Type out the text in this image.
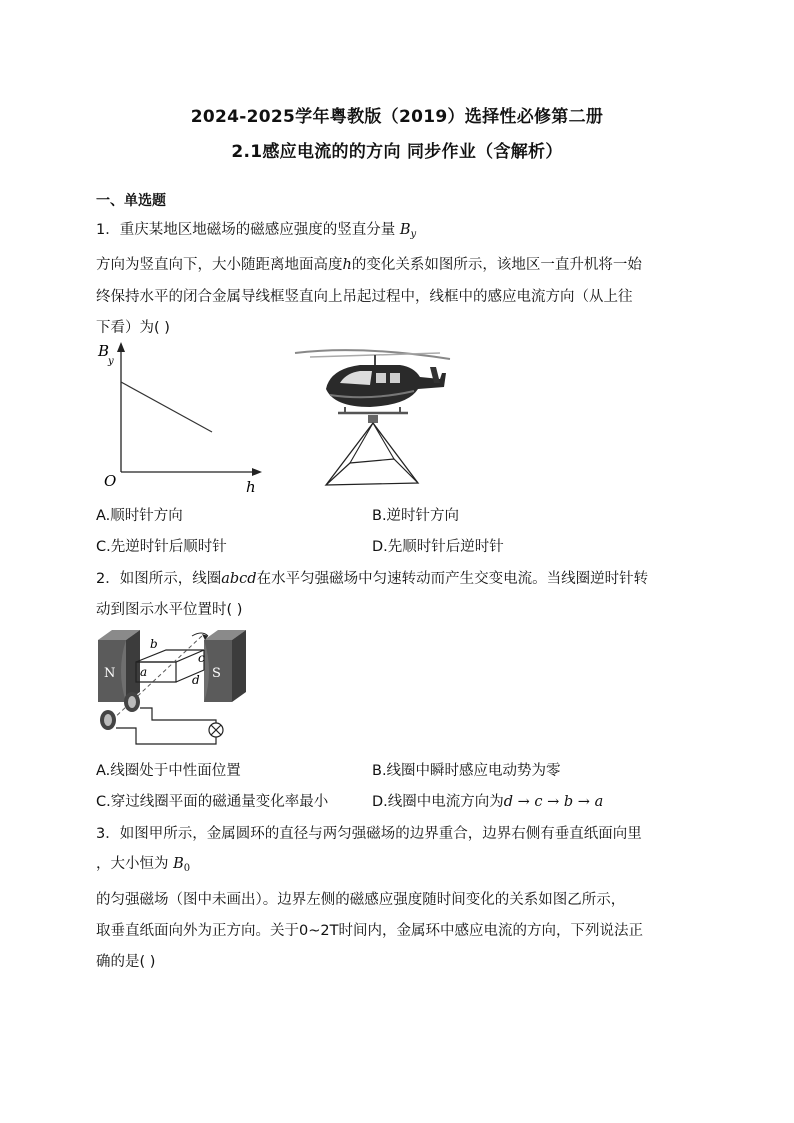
2024-2025学年粤教版（2019）选择性必修第二册
2.1感应电流的的方向 同步作业（含解析）
一、单选题
1．重庆某地区地磁场的磁感应强度的竖直分量 $B_y$
方向为竖直向下，大小随距离地面高度h的变化关系如图所示，该地区一直升机将一始
终保持水平的闭合金属导线框竖直向上吊起过程中，线框中的感应电流方向（从上往
下看）为( )
B
y
O	h
A.顺时针方向	B.逆时针方向
C.先逆时针后顺时针	D.先顺时针后逆时针
2．如图所示，线圈abcd在水平匀强磁场中匀速转动而产生交变电流。当线圈逆时针转
动到图示水平位置时( )
N	S
a
b
c
d
A.线圈处于中性面位置	B.线圈中瞬时感应电动势为零
C.穿过线圈平面的磁通量变化率最小	D.线圈中电流方向为d → c → b → a
3．如图甲所示，金属圆环的直径与两匀强磁场的边界重合，边界右侧有垂直纸面向里
，大小恒为 $B_0$
的匀强磁场（图中未画出）。边界左侧的磁感应强度随时间变化的关系如图乙所示，
取垂直纸面向外为正方向。关于0~2T时间内，金属环中感应电流的方向，下列说法正
确的是( )
